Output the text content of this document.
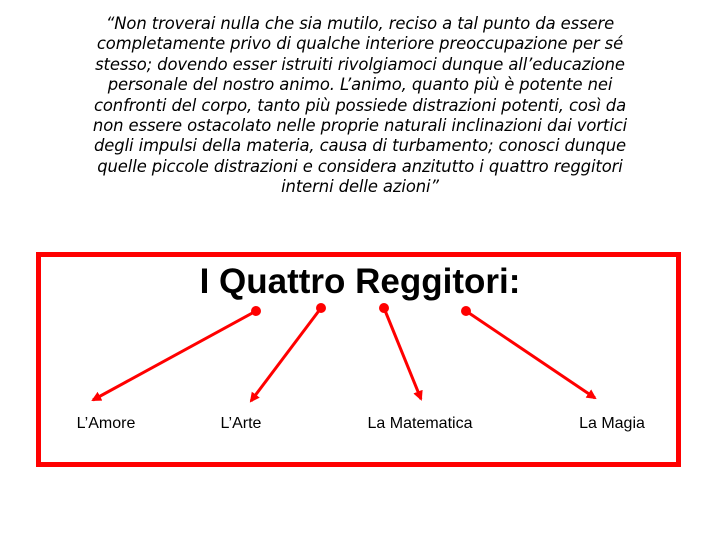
“Non troverai nulla che sia mutilo, reciso a tal punto da essere
completamente privo di qualche interiore preoccupazione per sé
stesso; dovendo esser istruiti rivolgiamoci dunque all’educazione
personale del nostro animo. L’animo, quanto più è potente nei
confronti del corpo, tanto più possiede distrazioni potenti, così da
non essere ostacolato nelle proprie naturali inclinazioni dai vortici
degli impulsi della materia, causa di turbamento; conosci dunque
quelle piccole distrazioni e considera anzitutto i quattro reggitori
interni delle azioni”
I Quattro Reggitori:
L’Amore	L’Arte	La Matematica	La Magia
